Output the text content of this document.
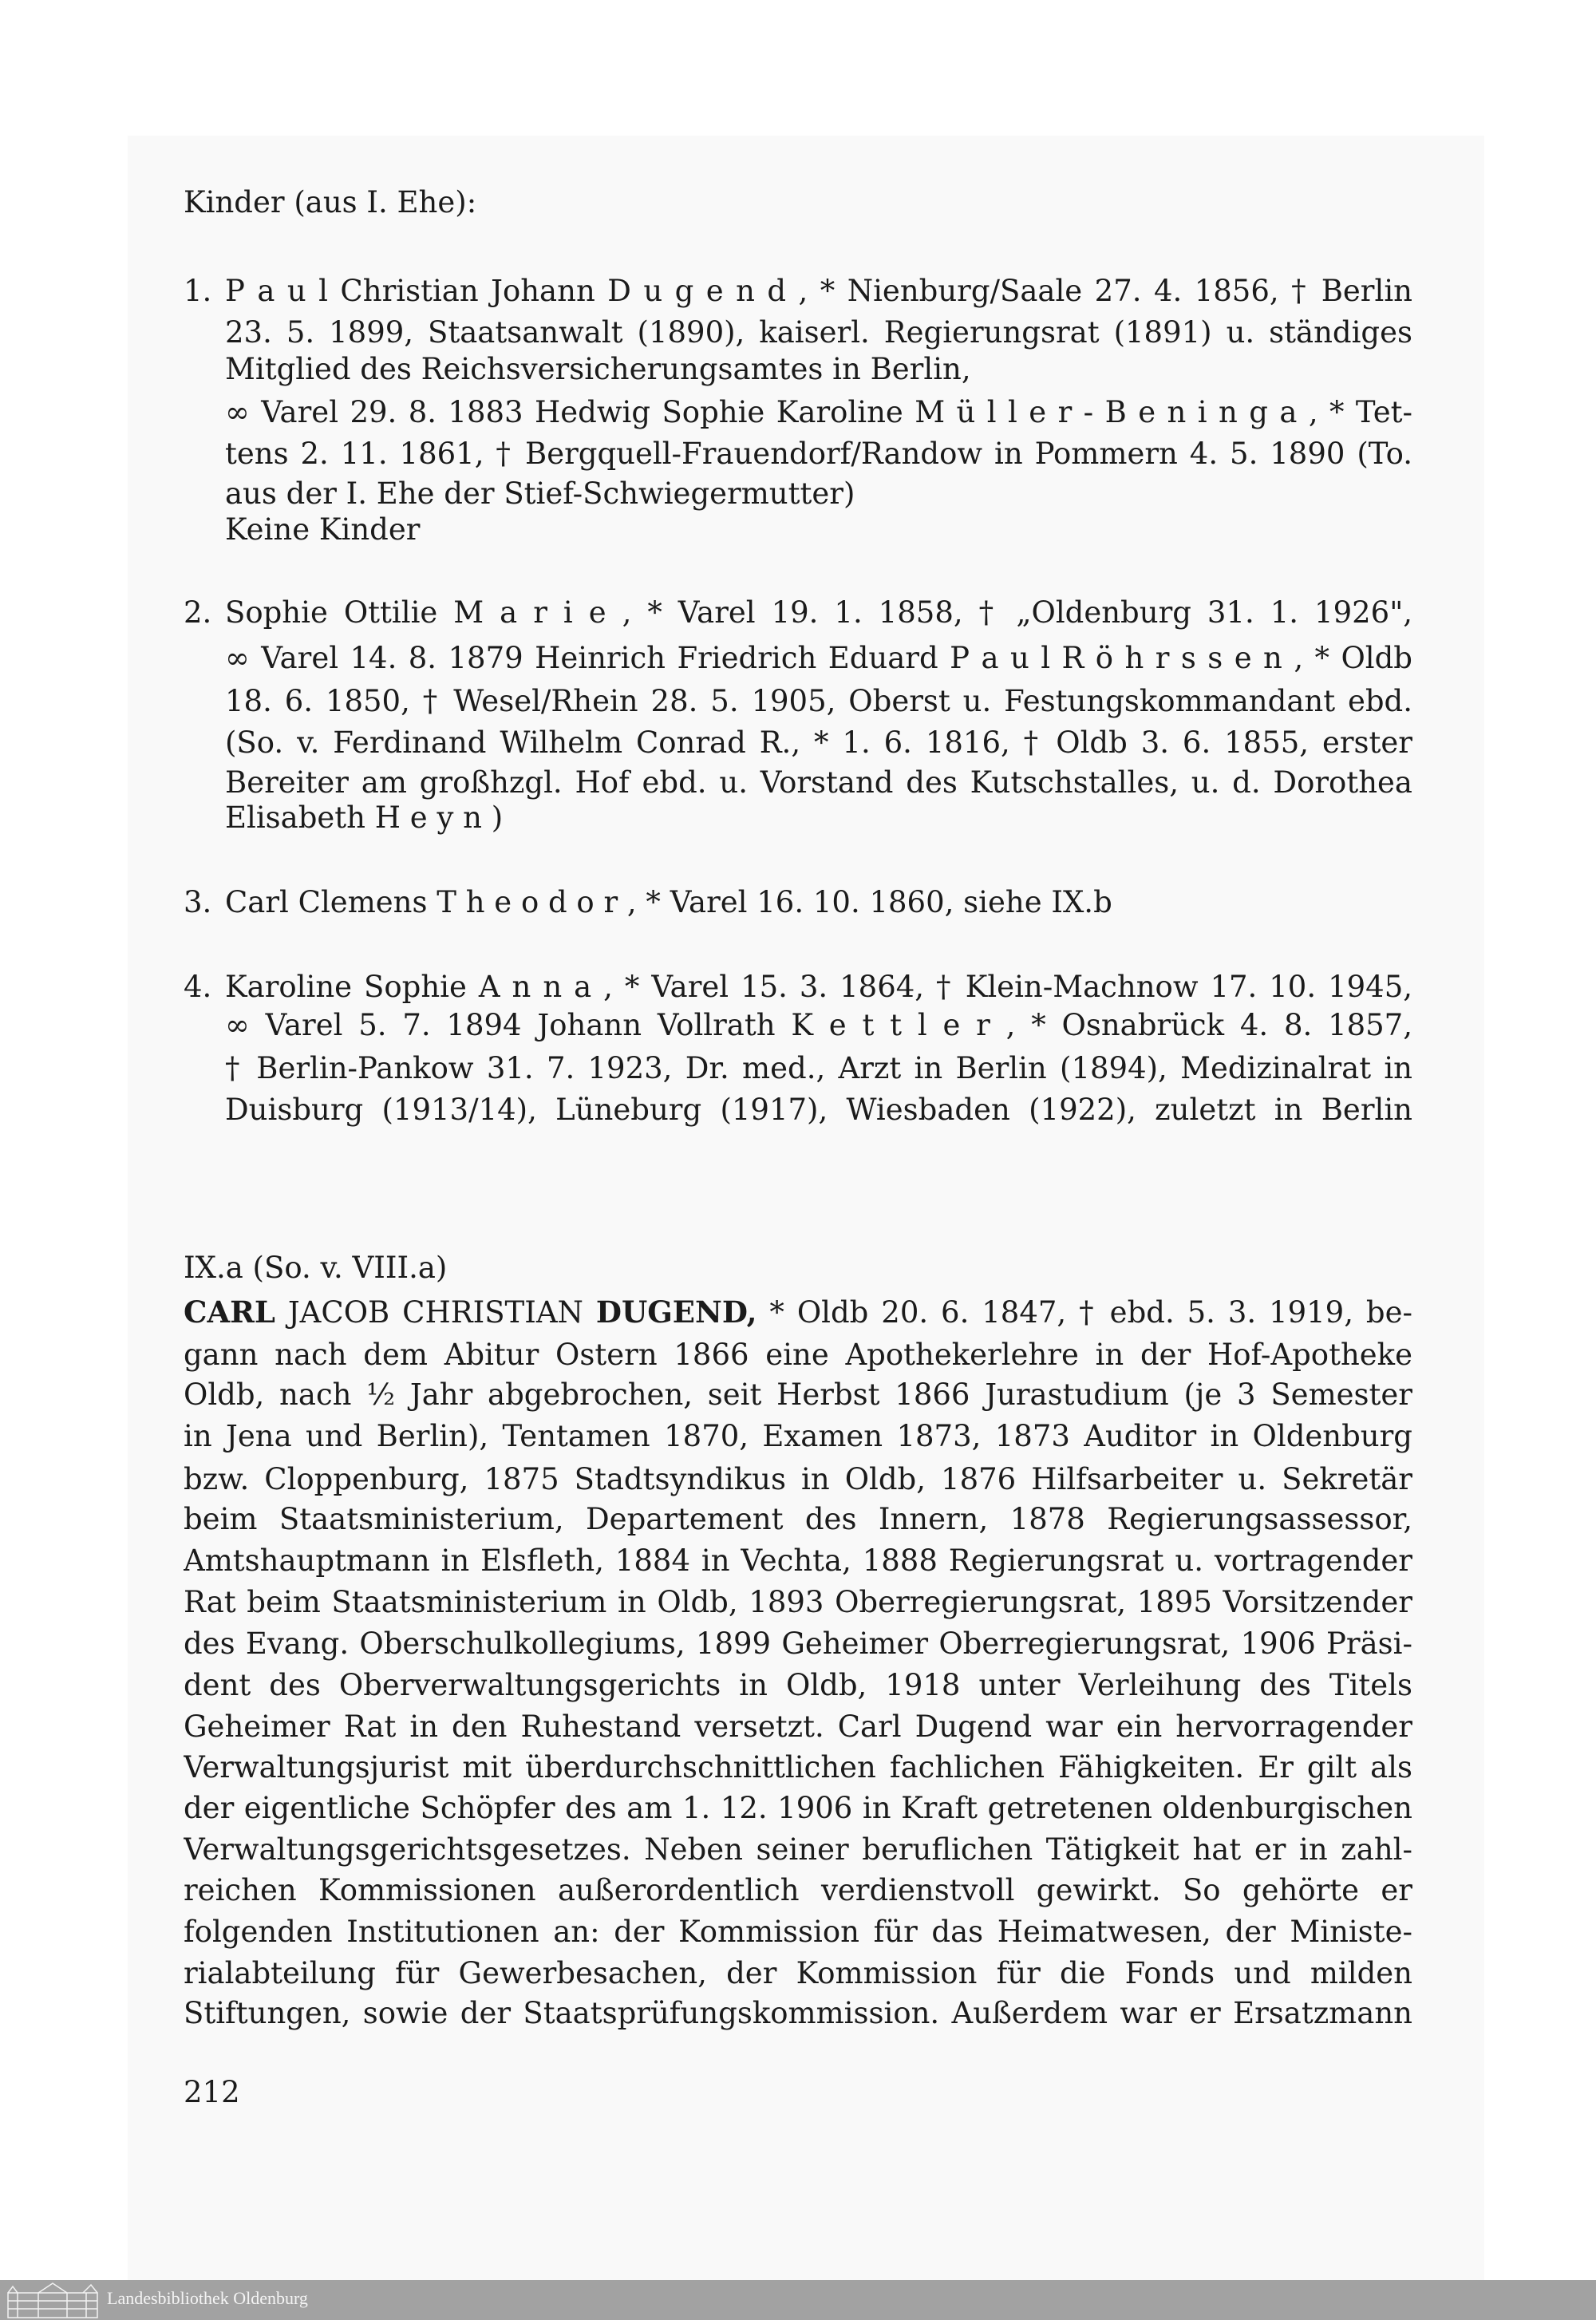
Kinder (aus I. Ehe):
1. P a u l Christian Johann D u g e n d , * Nienburg/Saale 27. 4. 1856, † Berlin
23. 5. 1899, Staatsanwalt (1890), kaiserl. Regierungsrat (1891) u. ständiges
Mitglied des Reichsversicherungsamtes in Berlin,
∞ Varel 29. 8. 1883 Hedwig Sophie Karoline M ü l l e r - B e n i n g a , * Tet-
tens 2. 11. 1861, † Bergquell-Frauendorf/Randow in Pommern 4. 5. 1890 (To.
aus der I. Ehe der Stief-Schwiegermutter)
Keine Kinder
2. Sophie Ottilie M a r i e , * Varel 19. 1. 1858, † „Oldenburg 31. 1. 1926",
∞ Varel 14. 8. 1879 Heinrich Friedrich Eduard P a u l R ö h r s s e n , * Oldb
18. 6. 1850, † Wesel/Rhein 28. 5. 1905, Oberst u. Festungskommandant ebd.
(So. v. Ferdinand Wilhelm Conrad R., * 1. 6. 1816, † Oldb 3. 6. 1855, erster
Bereiter am großhzgl. Hof ebd. u. Vorstand des Kutschstalles, u. d. Dorothea
Elisabeth H e y n )
3. Carl Clemens T h e o d o r , * Varel 16. 10. 1860, siehe IX.b
4. Karoline Sophie A n n a , * Varel 15. 3. 1864, † Klein-Machnow 17. 10. 1945,
∞ Varel 5. 7. 1894 Johann Vollrath K e t t l e r , * Osnabrück 4. 8. 1857,
† Berlin-Pankow 31. 7. 1923, Dr. med., Arzt in Berlin (1894), Medizinalrat in
Duisburg (1913/14), Lüneburg (1917), Wiesbaden (1922), zuletzt in Berlin
IX.a (So. v. VIII.a)
CARL JACOB CHRISTIAN DUGEND, * Oldb 20. 6. 1847, † ebd. 5. 3. 1919, be-
gann nach dem Abitur Ostern 1866 eine Apothekerlehre in der Hof-Apotheke
Oldb, nach ½ Jahr abgebrochen, seit Herbst 1866 Jurastudium (je 3 Semester
in Jena und Berlin), Tentamen 1870, Examen 1873, 1873 Auditor in Oldenburg
bzw. Cloppenburg, 1875 Stadtsyndikus in Oldb, 1876 Hilfsarbeiter u. Sekretär
beim Staatsministerium, Departement des Innern, 1878 Regierungsassessor,
Amtshauptmann in Elsfleth, 1884 in Vechta, 1888 Regierungsrat u. vortragender
Rat beim Staatsministerium in Oldb, 1893 Oberregierungsrat, 1895 Vorsitzender
des Evang. Oberschulkollegiums, 1899 Geheimer Oberregierungsrat, 1906 Präsi-
dent des Oberverwaltungsgerichts in Oldb, 1918 unter Verleihung des Titels
Geheimer Rat in den Ruhestand versetzt. Carl Dugend war ein hervorragender
Verwaltungsjurist mit überdurchschnittlichen fachlichen Fähigkeiten. Er gilt als
der eigentliche Schöpfer des am 1. 12. 1906 in Kraft getretenen oldenburgischen
Verwaltungsgerichtsgesetzes. Neben seiner beruflichen Tätigkeit hat er in zahl-
reichen Kommissionen außerordentlich verdienstvoll gewirkt. So gehörte er
folgenden Institutionen an: der Kommission für das Heimatwesen, der Ministe-
rialabteilung für Gewerbesachen, der Kommission für die Fonds und milden
Stiftungen, sowie der Staatsprüfungskommission. Außerdem war er Ersatzmann
212
Landesbibliothek Oldenburg
